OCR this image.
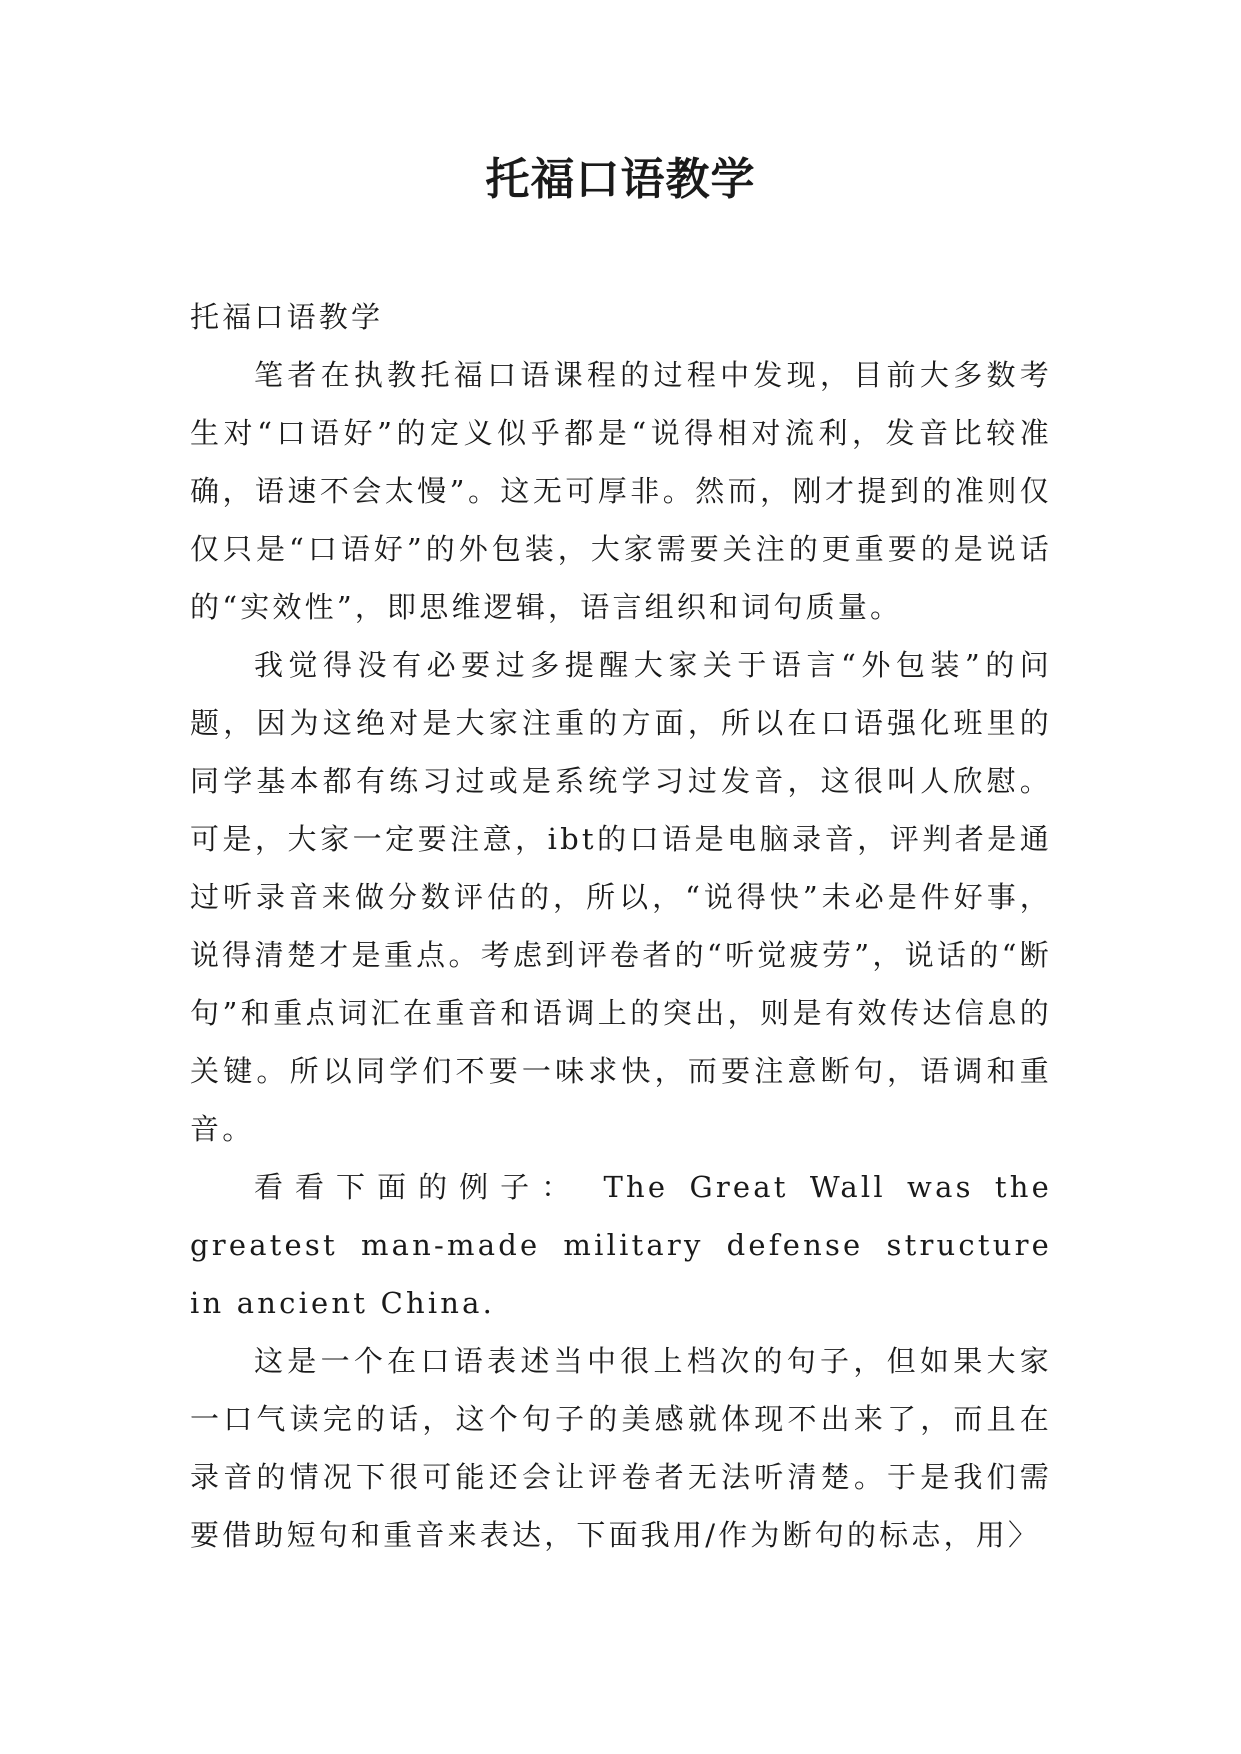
托福口语教学

托福口语教学

笔者在执教托福口语课程的过程中发现，目前大多数考生对“口语好”的定义似乎都是“说得相对流利，发音比较准确，语速不会太慢”。这无可厚非。然而，刚才提到的准则仅仅只是“口语好”的外包装，大家需要关注的更重要的是说话的“实效性”，即思维逻辑，语言组织和词句质量。

我觉得没有必要过多提醒大家关于语言“外包装”的问题，因为这绝对是大家注重的方面，所以在口语强化班里的同学基本都有练习过或是系统学习过发音，这很叫人欣慰。可是，大家一定要注意，ibt的口语是电脑录音，评判者是通过听录音来做分数评估的，所以，“说得快”未必是件好事，说得清楚才是重点。考虑到评卷者的“听觉疲劳”，说话的“断句”和重点词汇在重音和语调上的突出，则是有效传达信息的关键。所以同学们不要一味求快，而要注意断句，语调和重音。

看看下面的例子： The Great Wall was the greatest man-made military defense structure in ancient China.

这是一个在口语表述当中很上档次的句子，但如果大家一口气读完的话，这个句子的美感就体现不出来了，而且在录音的情况下很可能还会让评卷者无法听清楚。于是我们需要借助短句和重音来表达，下面我用/作为断句的标志，用〉
